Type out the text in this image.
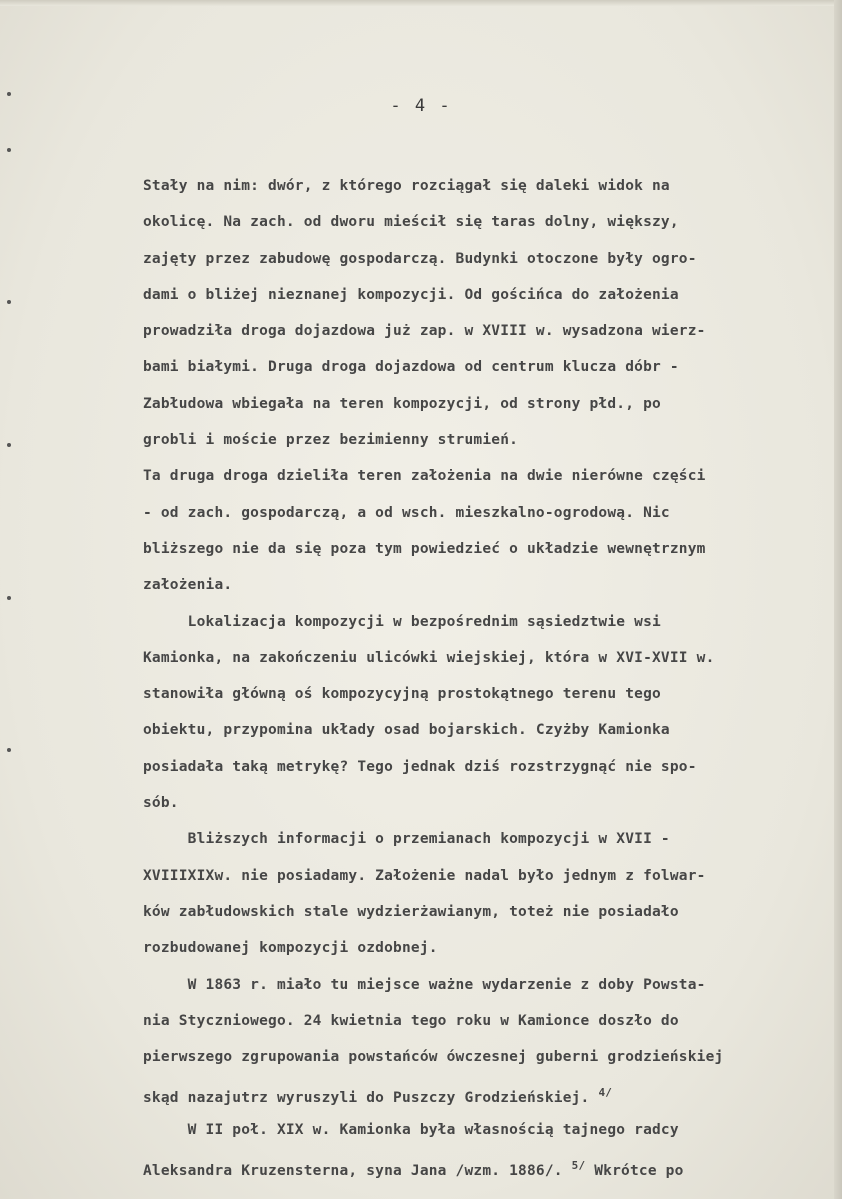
- 4 -
Stały na nim: dwór, z którego rozciągał się daleki widok na
okolicę. Na zach. od dworu mieścił się taras dolny, większy,
zajęty przez zabudowę gospodarczą. Budynki otoczone były ogro-
dami o bliżej nieznanej kompozycji. Od gościńca do założenia
prowadziła droga dojazdowa już zap. w XVIII w. wysadzona wierz-
bami białymi. Druga droga dojazdowa od centrum klucza dóbr -
Zabłudowa wbiegała na teren kompozycji, od strony płd., po
grobli i moście przez bezimienny strumień.
Ta druga droga dzieliła teren założenia na dwie nierówne części
- od zach. gospodarczą, a od wsch. mieszkalno-ogrodową. Nic
bliższego nie da się poza tym powiedzieć o układzie wewnętrznym
założenia.
Lokalizacja kompozycji w bezpośrednim sąsiedztwie wsi
Kamionka, na zakończeniu ulicówki wiejskiej, która w XVI-XVII w.
stanowiła główną oś kompozycyjną prostokątnego terenu tego
obiektu, przypomina układy osad bojarskich. Czyżby Kamionka
posiadała taką metrykę? Tego jednak dziś rozstrzygnąć nie spo-
sób.
Bliższych informacji o przemianach kompozycji w XVII -
XVIIIXIXw. nie posiadamy. Założenie nadal było jednym z folwar-
ków zabłudowskich stale wydzierżawianym, toteż nie posiadało
rozbudowanej kompozycji ozdobnej.
W 1863 r. miało tu miejsce ważne wydarzenie z doby Powsta-
nia Styczniowego. 24 kwietnia tego roku w Kamionce doszło do
pierwszego zgrupowania powstańców ówczesnej guberni grodzieńskiej
skąd nazajutrz wyruszyli do Puszczy Grodzieńskiej. $^{4/}$
W II poł. XIX w. Kamionka była własnością tajnego radcy
Aleksandra Kruzensterna, syna Jana /wzm. 1886/. $^{5/}$ Wkrótce po
